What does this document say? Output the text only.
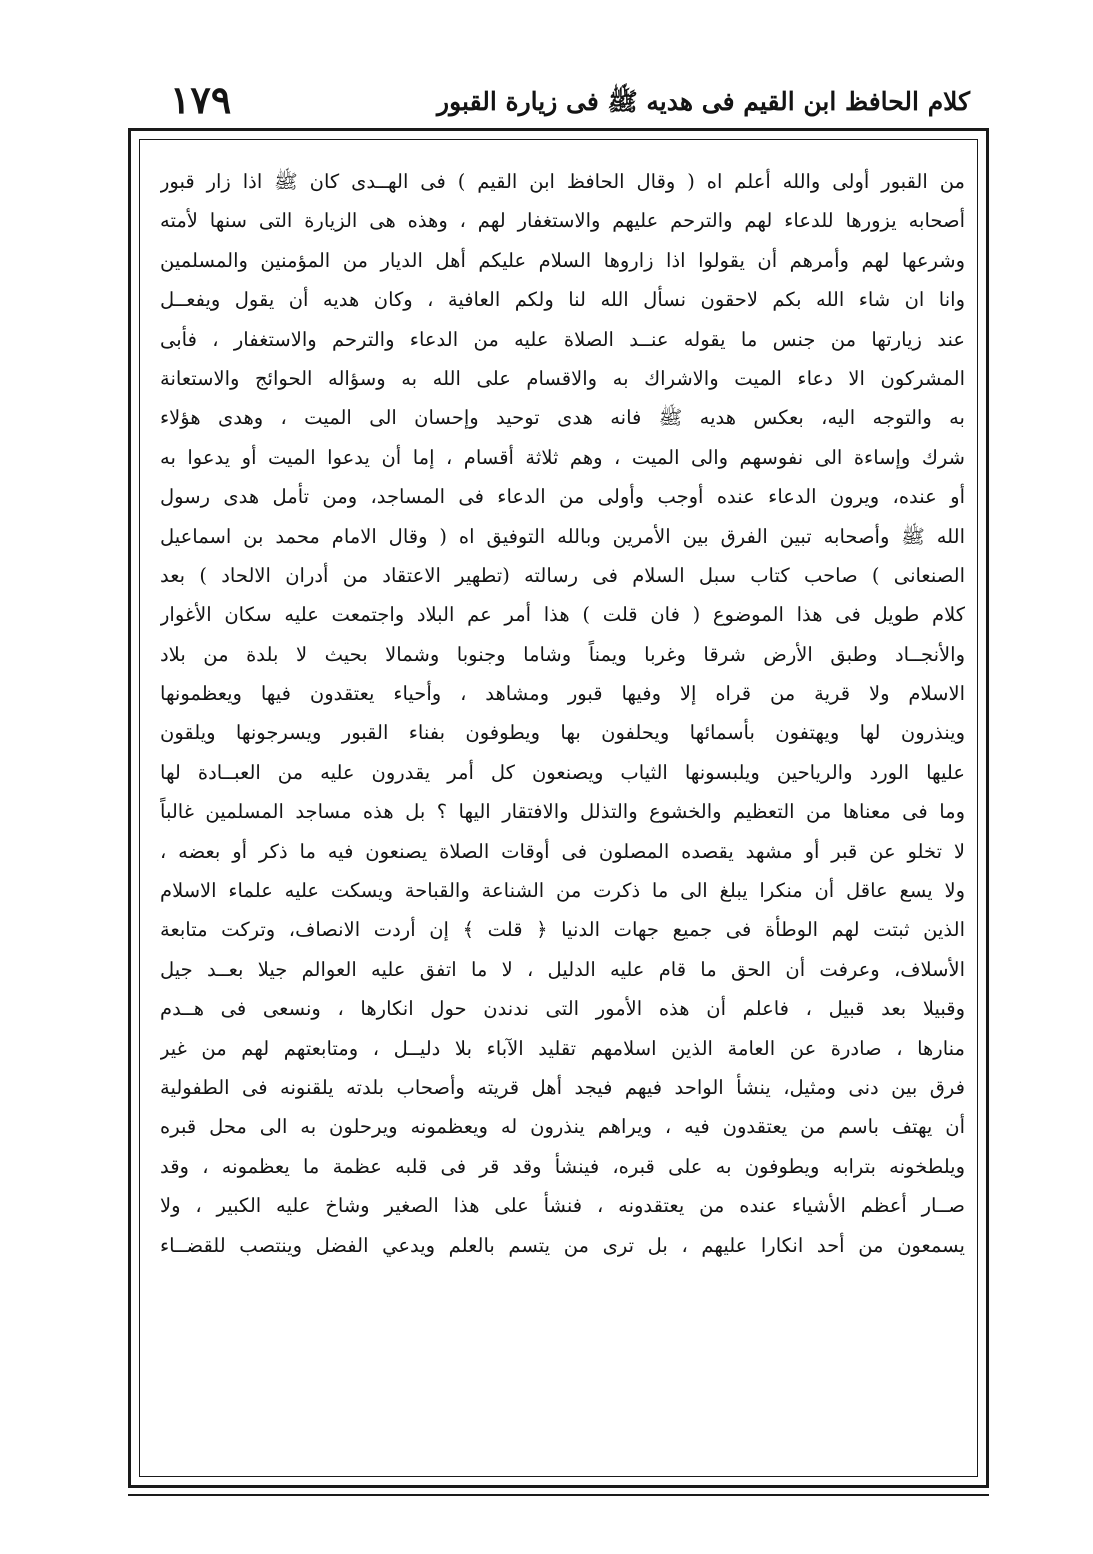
١٧٩	كلام الحافظ ابن القيم فى هديه ﷺ فى زيارة القبور
من القبور أولى والله أعلم اه ( وقال الحافظ ابن القيم ) فى الهــدى كان ﷺ اذا زار قبور
أصحابه يزورها للدعاء لهم والترحم عليهم والاستغفار لهم ، وهذه هى الزيارة التى سنها لأمته
وشرعها لهم وأمرهم أن يقولوا اذا زاروها السلام عليكم أهل الديار من المؤمنين والمسلمين
وانا ان شاء الله بكم لاحقون نسأل الله لنا ولكم العافية ، وكان هديه أن يقول ويفعــل
عند زيارتها من جنس ما يقوله عنــد الصلاة عليه من الدعاء والترحم والاستغفار ، فأبى
المشركون الا دعاء الميت والاشراك به والاقسام على الله به وسؤاله الحوائج والاستعانة
به والتوجه اليه، بعكس هديه ﷺ فانه هدى توحيد وإحسان الى الميت ، وهدى هؤلاء
شرك وإساءة الى نفوسهم والى الميت ، وهم ثلاثة أقسام ، إما أن يدعوا الميت أو يدعوا به
أو عنده، ويرون الدعاء عنده أوجب وأولى من الدعاء فى المساجد، ومن تأمل هدى رسول
الله ﷺ وأصحابه تبين الفرق بين الأمرين وبالله التوفيق اه ( وقال الامام محمد بن اسماعيل
الصنعانى ) صاحب كتاب سبل السلام فى رسالته (تطهير الاعتقاد من أدران الالحاد ) بعد
كلام طويل فى هذا الموضوع ( فان قلت ) هذا أمر عم البلاد واجتمعت عليه سكان الأغوار
والأنجــاد وطبق الأرض شرقا وغربا ويمناً وشاما وجنوبا وشمالا بحيث لا بلدة من بلاد
الاسلام ولا قرية من قراه إلا وفيها قبور ومشاهد ، وأحياء يعتقدون فيها ويعظمونها
وينذرون لها ويهتفون بأسمائها ويحلفون بها ويطوفون بفناء القبور ويسرجونها ويلقون
عليها الورد والرياحين ويلبسونها الثياب ويصنعون كل أمر يقدرون عليه من العبــادة لها
وما فى معناها من التعظيم والخشوع والتذلل والافتقار اليها ؟ بل هذه مساجد المسلمين غالباً
لا تخلو عن قبر أو مشهد يقصده المصلون فى أوقات الصلاة يصنعون فيه ما ذكر أو بعضه ،
ولا يسع عاقل أن منكرا يبلغ الى ما ذكرت من الشناعة والقباحة ويسكت عليه علماء الاسلام
الذين ثبتت لهم الوطأة فى جميع جهات الدنيا ﴿ قلت ﴾ إن أردت الانصاف، وتركت متابعة
الأسلاف، وعرفت أن الحق ما قام عليه الدليل ، لا ما اتفق عليه العوالم جيلا بعــد جيل
وقبيلا بعد قبيل ، فاعلم أن هذه الأمور التى ندندن حول انكارها ، ونسعى فى هــدم
منارها ، صادرة عن العامة الذين اسلامهم تقليد الآباء بلا دليــل ، ومتابعتهم لهم من غير
فرق بين دنى ومثيل، ينشأ الواحد فيهم فيجد أهل قريته وأصحاب بلدته يلقنونه فى الطفولية
أن يهتف باسم من يعتقدون فيه ، ويراهم ينذرون له ويعظمونه ويرحلون به الى محل قبره
ويلطخونه بترابه ويطوفون به على قبره، فينشأ وقد قر فى قلبه عظمة ما يعظمونه ، وقد
صــار أعظم الأشياء عنده من يعتقدونه ، فنشأ على هذا الصغير وشاخ عليه الكبير ، ولا
يسمعون من أحد انكارا عليهم ، بل ترى من يتسم بالعلم ويدعي الفضل وينتصب للقضــاء
